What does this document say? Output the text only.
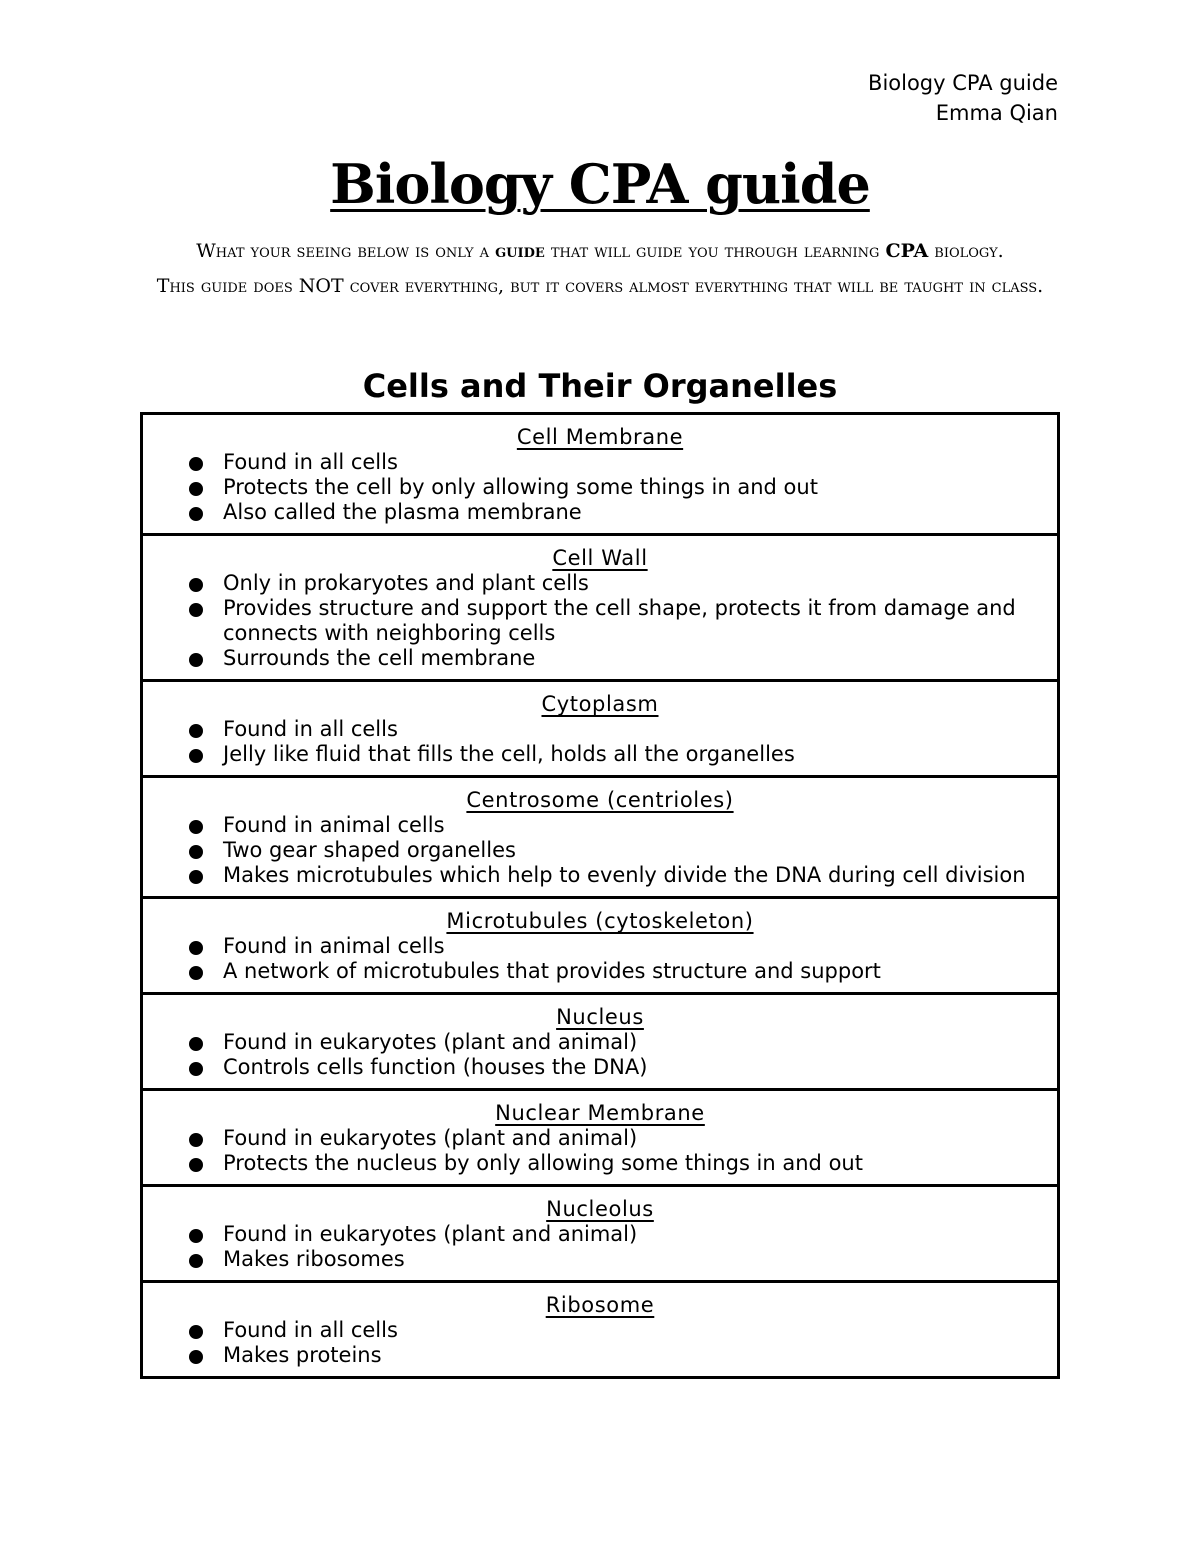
Biology CPA guide
Emma Qian
Biology CPA guide
What your seeing below is only a guide that will guide you through learning CPA biology.
This guide does NOT cover everything, but it covers almost everything that will be taught in class.
Cells and Their Organelles
Cell Membrane
Found in all cells
Protects the cell by only allowing some things in and out
Also called the plasma membrane
Cell Wall
Only in prokaryotes and plant cells
Provides structure and support the cell shape, protects it from damage and connects with neighboring cells
Surrounds the cell membrane
Cytoplasm
Found in all cells
Jelly like fluid that fills the cell, holds all the organelles
Centrosome (centrioles)
Found in animal cells
Two gear shaped organelles
Makes microtubules which help to evenly divide the DNA during cell division
Microtubules (cytoskeleton)
Found in animal cells
A network of microtubules that provides structure and support
Nucleus
Found in eukaryotes (plant and animal)
Controls cells function (houses the DNA)
Nuclear Membrane
Found in eukaryotes (plant and animal)
Protects the nucleus by only allowing some things in and out
Nucleolus
Found in eukaryotes (plant and animal)
Makes ribosomes
Ribosome
Found in all cells
Makes proteins
